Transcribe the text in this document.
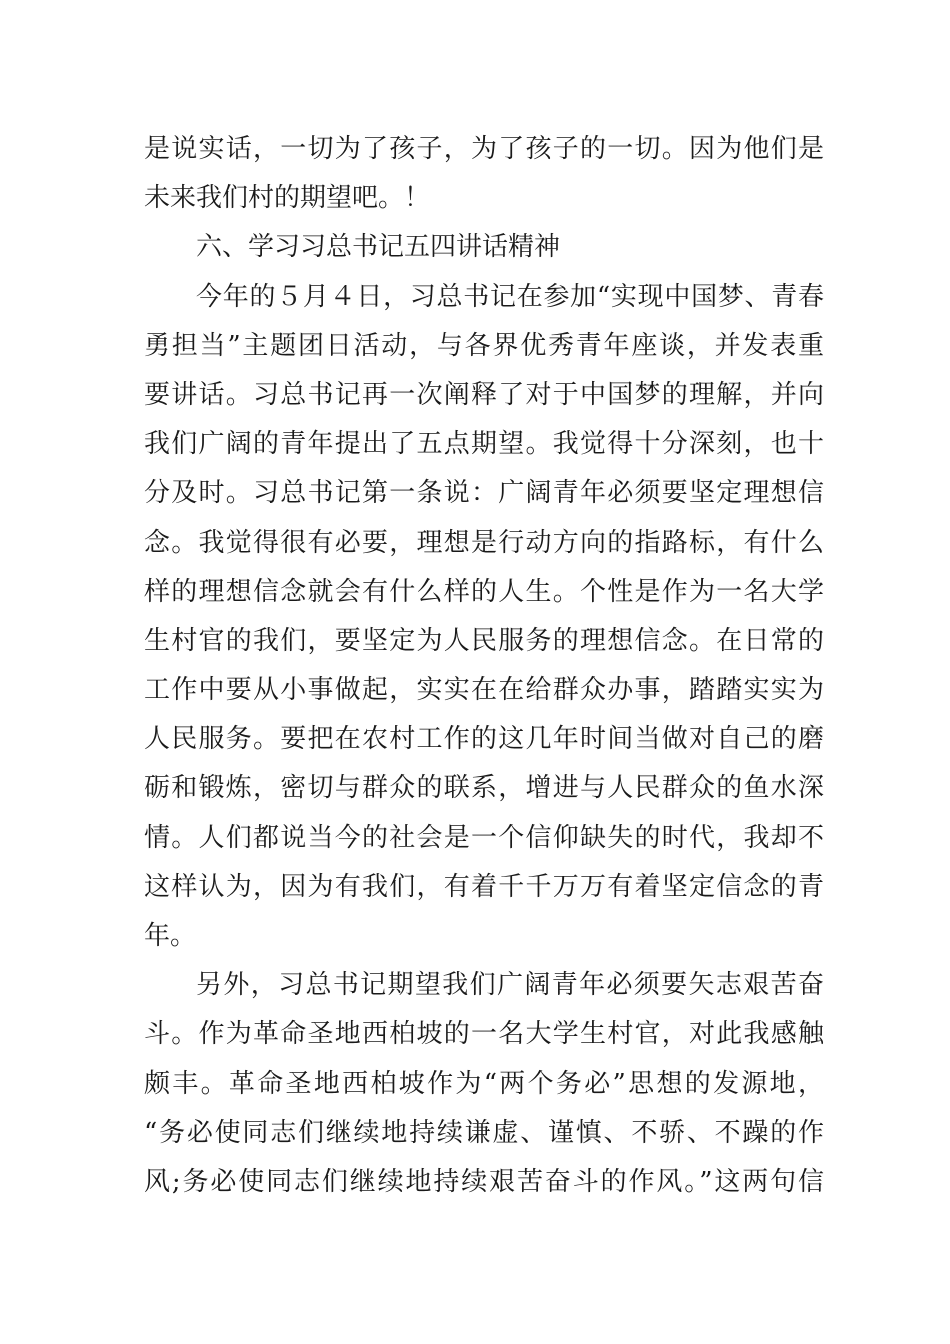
是说实话，一切为了孩子，为了孩子的一切。因为他们是
未来我们村的期望吧。！
六、学习习总书记五四讲话精神
今年的５月４日，习总书记在参加“实现中国梦、青春
勇担当”主题团日活动，与各界优秀青年座谈，并发表重
要讲话。习总书记再一次阐释了对于中国梦的理解，并向
我们广阔的青年提出了五点期望。我觉得十分深刻，也十
分及时。习总书记第一条说：广阔青年必须要坚定理想信
念。我觉得很有必要，理想是行动方向的指路标，有什么
样的理想信念就会有什么样的人生。个性是作为一名大学
生村官的我们，要坚定为人民服务的理想信念。在日常的
工作中要从小事做起，实实在在给群众办事，踏踏实实为
人民服务。要把在农村工作的这几年时间当做对自己的磨
砺和锻炼，密切与群众的联系，增进与人民群众的鱼水深
情。人们都说当今的社会是一个信仰缺失的时代，我却不
这样认为，因为有我们，有着千千万万有着坚定信念的青
年。
另外，习总书记期望我们广阔青年必须要矢志艰苦奋
斗。作为革命圣地西柏坡的一名大学生村官，对此我感触
颇丰。革命圣地西柏坡作为“两个务必”思想的发源地，
“务必使同志们继续地持续谦虚、谨慎、不骄、不躁的作
风;务必使同志们继续地持续艰苦奋斗的作风。”这两句信
